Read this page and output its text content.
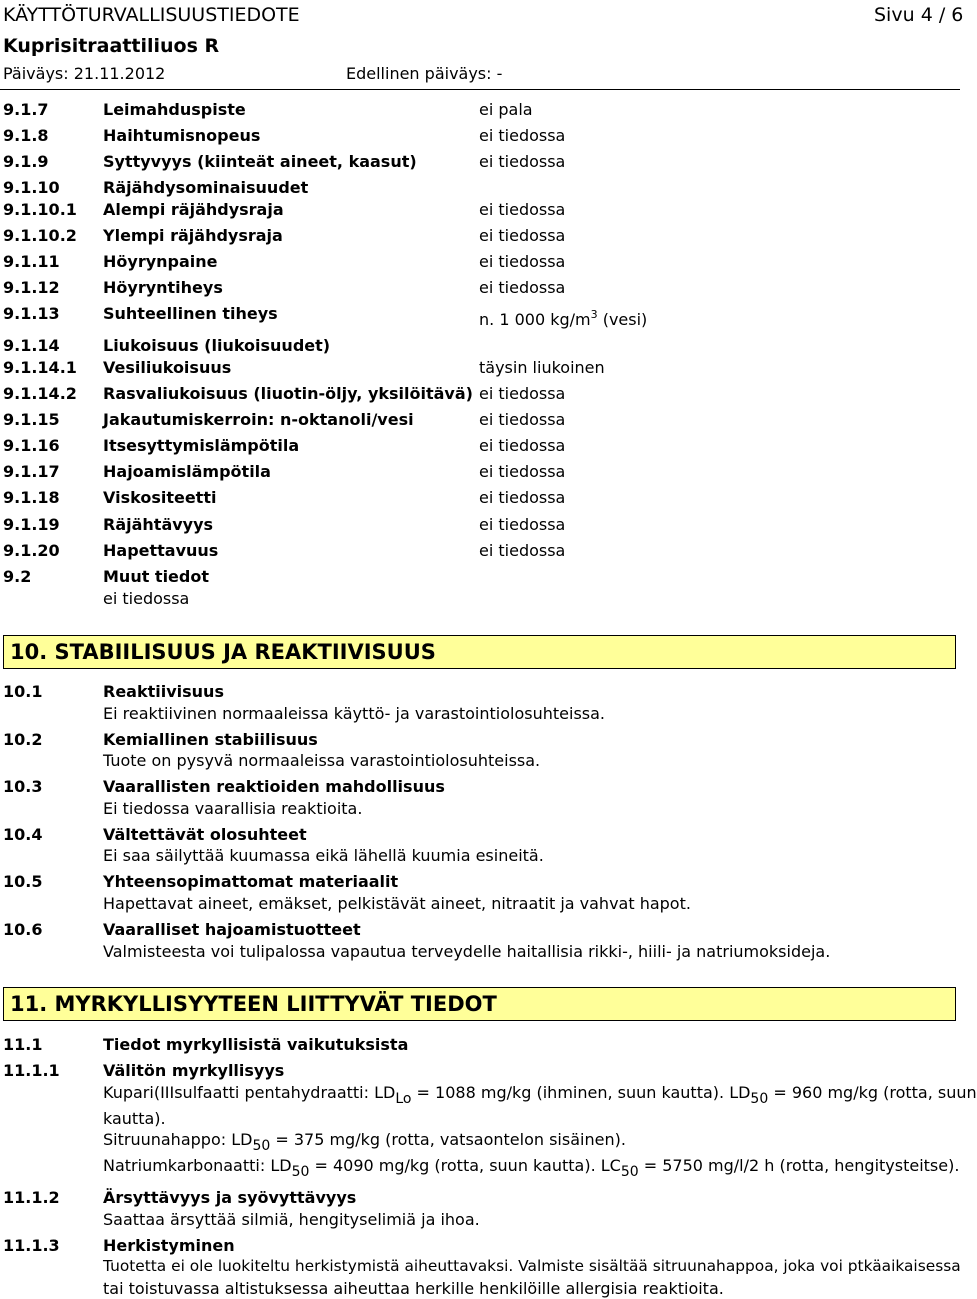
KÄYTTÖTURVALLISUUSTIEDOTE	Sivu 4 / 6
Kuprisitraattiliuos R
Päiväys: 21.11.2012	Edellinen päiväys: -
9.1.7	Leimahduspiste	ei pala
9.1.8	Haihtumisnopeus	ei tiedossa
9.1.9	Syttyvyys (kiinteät aineet, kaasut)	ei tiedossa
9.1.10	Räjähdysominaisuudet
9.1.10.1 Alempi räjähdysraja	ei tiedossa
9.1.10.2 Ylempi räjähdysraja	ei tiedossa
9.1.11	Höyrynpaine	ei tiedossa
9.1.12	Höyryntiheys	ei tiedossa
9.1.13	Suhteellinen tiheys	n. 1 000 $kg/m^3$ (vesi)
9.1.14	Liukoisuus (liukoisuudet)
9.1.14.1 Vesiliukoisuus	täysin liukoinen
9.1.14.2 Rasvaliukoisuus (liuotin-öljy, yksilöitävä) ei tiedossa
9.1.15	Jakautumiskerroin: n-oktanoli/vesi	ei tiedossa
9.1.16	Itsesyttymislämpötila	ei tiedossa
9.1.17	Hajoamislämpötila	ei tiedossa
9.1.18	Viskositeetti	ei tiedossa
9.1.19	Räjähtävyys	ei tiedossa
9.1.20	Hapettavuus	ei tiedossa
9.2	Muut tiedot
ei tiedossa
10. STABIILISUUS JA REAKTIIVISUUS
10.1	Reaktiivisuus
Ei reaktiivinen normaaleissa käyttö- ja varastointiolosuhteissa.
10.2	Kemiallinen stabiilisuus
Tuote on pysyvä normaaleissa varastointiolosuhteissa.
10.3	Vaarallisten reaktioiden mahdollisuus
Ei tiedossa vaarallisia reaktioita.
10.4	Vältettävät olosuhteet
Ei saa säilyttää kuumassa eikä lähellä kuumia esineitä.
10.5	Yhteensopimattomat materiaalit
Hapettavat aineet, emäkset, pelkistävät aineet, nitraatit ja vahvat hapot.
10.6	Vaaralliset hajoamistuotteet
Valmisteesta voi tulipalossa vapautua terveydelle haitallisia rikki-, hiili- ja natriumoksideja.
11. MYRKYLLISYYTEEN LIITTYVÄT TIEDOT
11.1	Tiedot myrkyllisistä vaikutuksista
11.1.1	Välitön myrkyllisyys
Kupari(IIIsulfaatti pentahydraatti: LDLo = 1088 mg/kg (ihminen, suun kautta). LD50 = 960 mg/kg (rotta, suun
kautta).
Sitruunahappo: LD50 = 375 mg/kg (rotta, vatsaontelon sisäinen).
Natriumkarbonaatti: LD50 = 4090 mg/kg (rotta, suun kautta). LC50 = 5750 mg/l/2 h (rotta, hengitysteitse).
11.1.2	Ärsyttävyys ja syövyttävyys
Saattaa ärsyttää silmiä, hengityselimiä ja ihoa.
11.1.3	Herkistyminen
Tuotetta ei ole luokiteltu herkistymistä aiheuttavaksi. Valmiste sisältää sitruunahappoa, joka voi ptkäaikaisessa
tai toistuvassa altistuksessa aiheuttaa herkille henkilöille allergisia reaktioita.
